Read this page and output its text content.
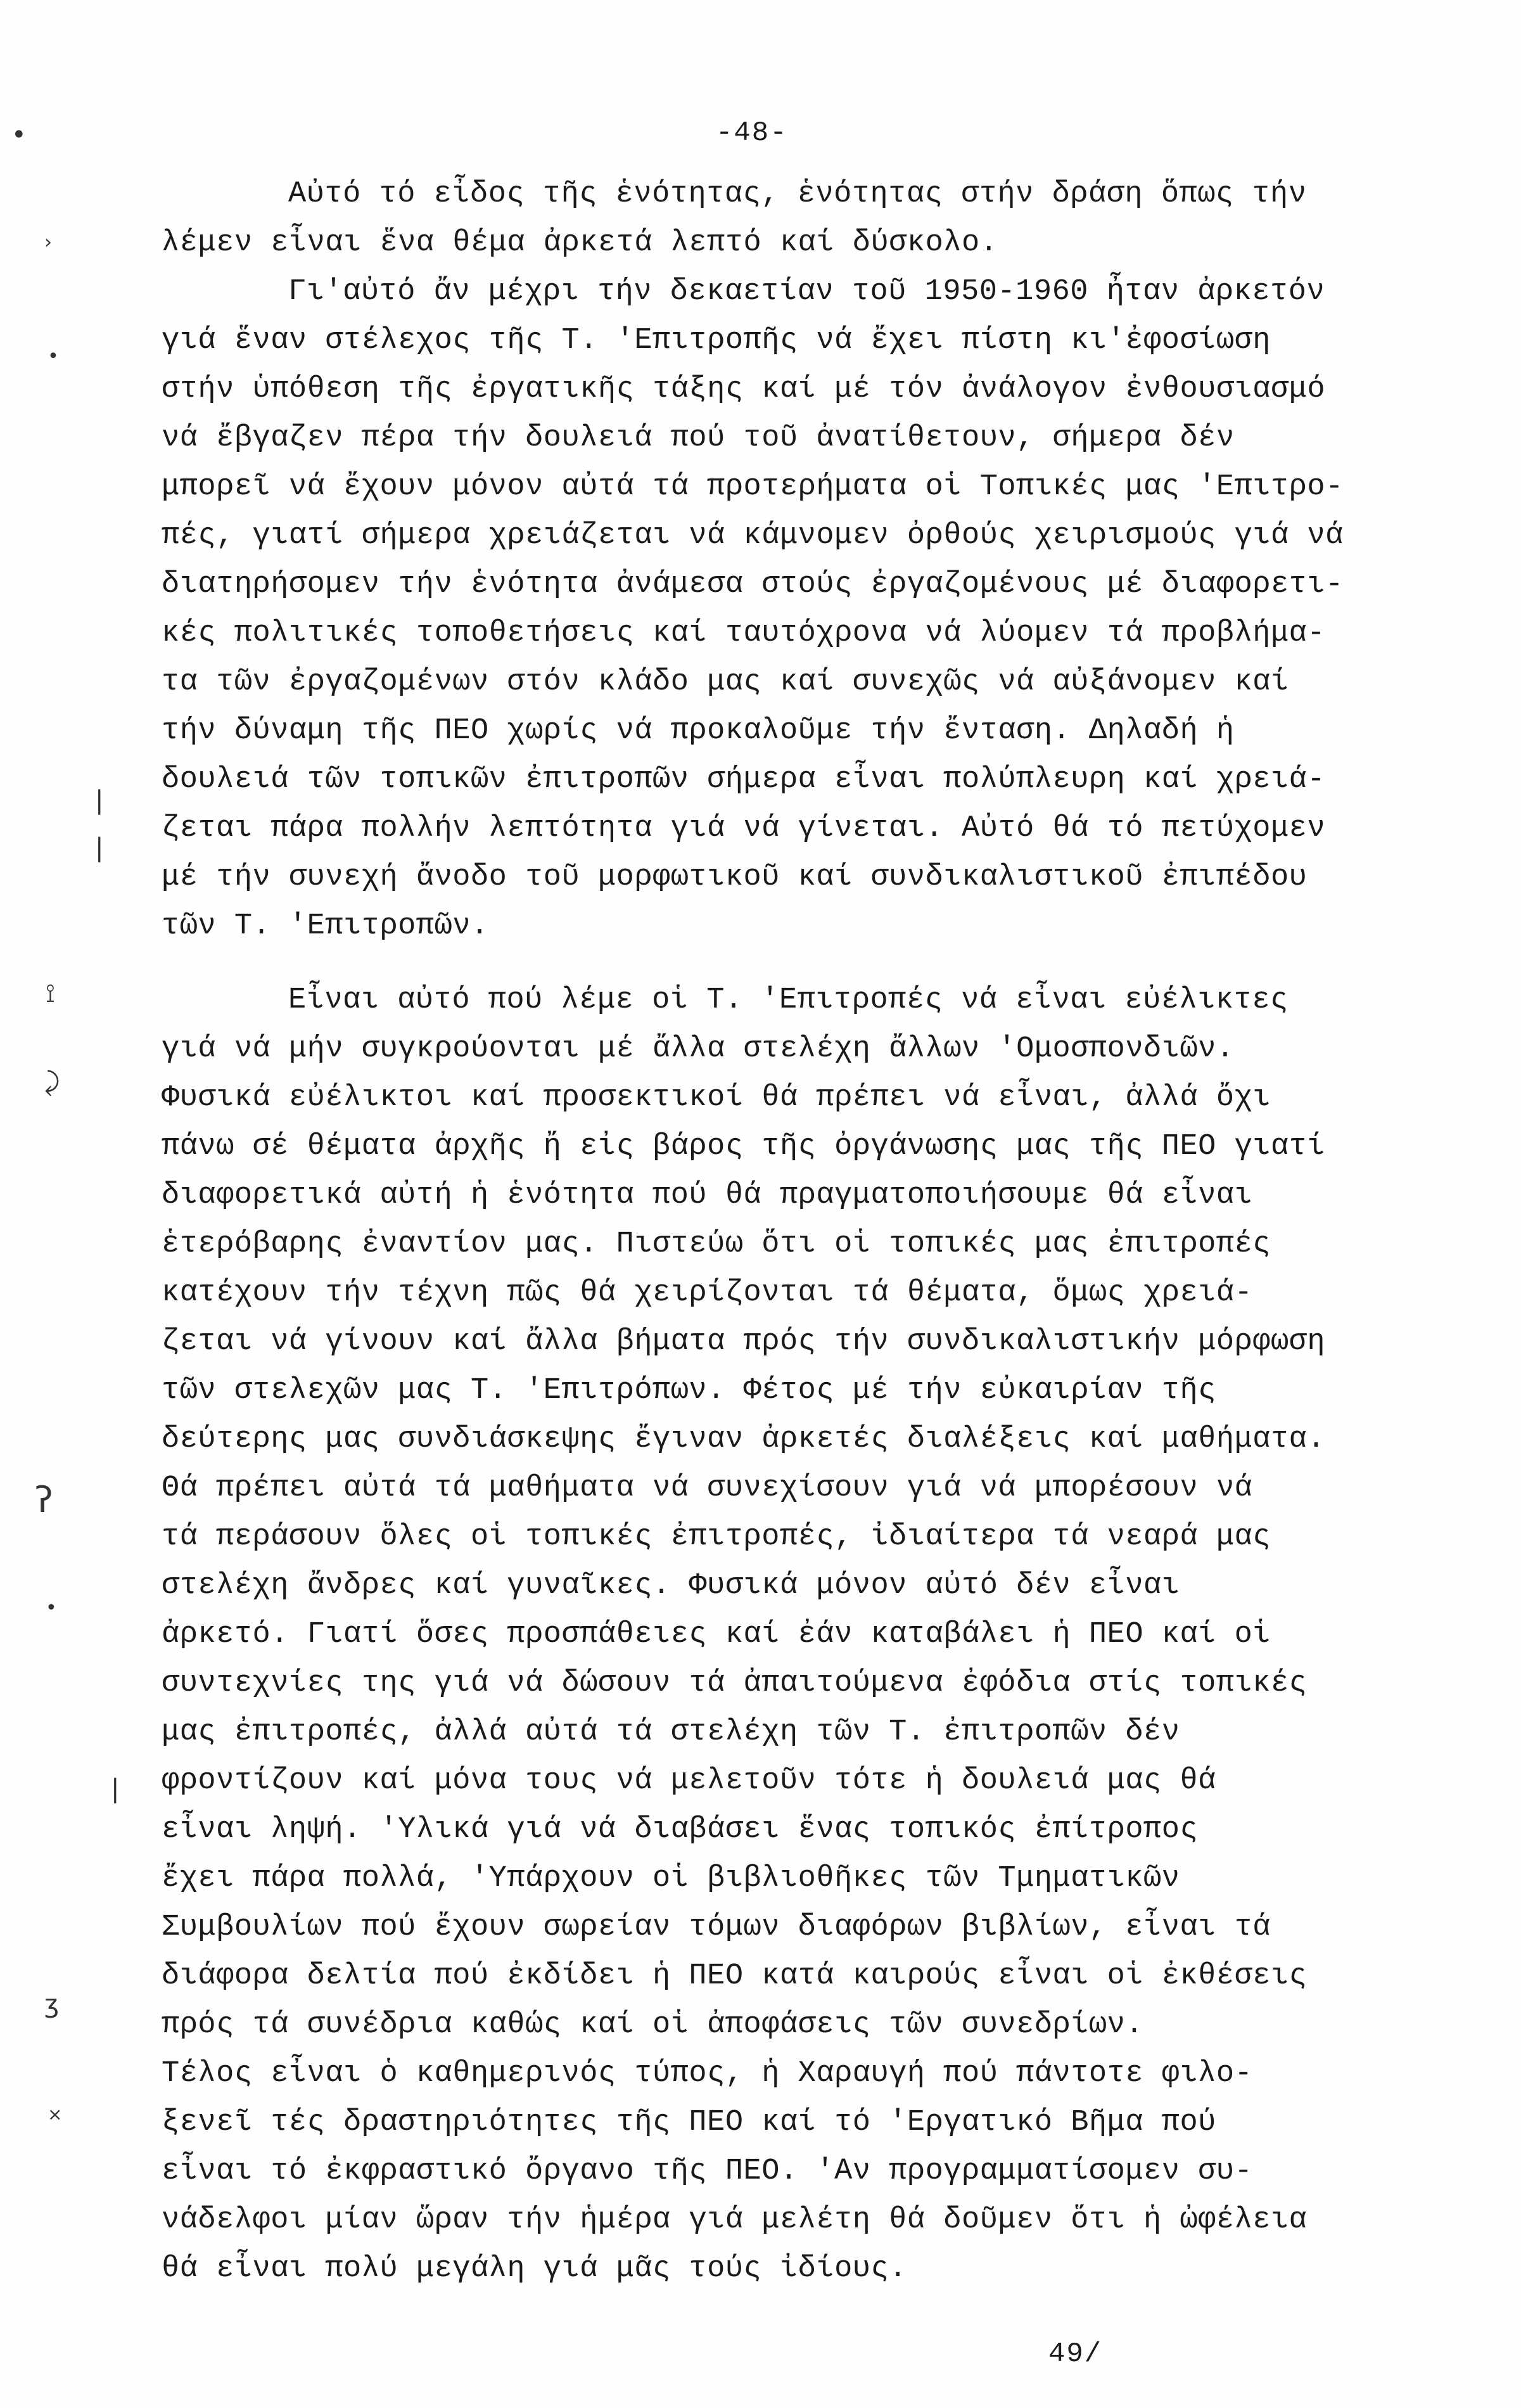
-48-
Αὐτό τό εἶδος τῆς ἑνότητας, ἑνότητας στήν δράση ὅπως τήν
λέμεν εἶναι ἕνα θέμα ἀρκετά λεπτό καί δύσκολο.
Γι'αὐτό ἄν μέχρι τήν δεκαετίαν τοῦ 1950-1960 ἦταν ἀρκετόν
γιά ἕναν στέλεχος τῆς Τ. 'Επιτροπῆς νά ἔχει πίστη κι'ἐφοσίωση
στήν ὑπόθεση τῆς ἐργατικῆς τάξης καί μέ τόν ἀνάλογον ἐνθουσιασμό
νά ἔβγαζεν πέρα τήν δουλειά πού τοῦ ἀνατίθετουν, σήμερα δέν
μπορεῖ νά ἔχουν μόνον αὐτά τά προτερήματα οἱ Τοπικές μας 'Επιτρο-
πές, γιατί σήμερα χρειάζεται νά κάμνομεν ὀρθούς χειρισμούς γιά νά
διατηρήσομεν τήν ἑνότητα ἀνάμεσα στούς ἐργαζομένους μέ διαφορετι-
κές πολιτικές τοποθετήσεις καί ταυτόχρονα νά λύομεν τά προβλήμα-
τα τῶν ἐργαζομένων στόν κλάδο μας καί συνεχῶς νά αὐξάνομεν καί
τήν δύναμη τῆς ΠΕΟ χωρίς νά προκαλοῦμε τήν ἔνταση. Δηλαδή ἡ
δουλειά τῶν τοπικῶν ἐπιτροπῶν σήμερα εἶναι πολύπλευρη καί χρειά-
ζεται πάρα πολλήν λεπτότητα γιά νά γίνεται. Αὐτό θά τό πετύχομεν
μέ τήν συνεχή ἄνοδο τοῦ μορφωτικοῦ καί συνδικαλιστικοῦ ἐπιπέδου
τῶν Τ. 'Επιτροπῶν.
Εἶναι αὐτό πού λέμε οἱ Τ. 'Επιτροπές νά εἶναι εὐέλικτες
γιά νά μήν συγκρούονται μέ ἄλλα στελέχη ἄλλων 'Ομοσπονδιῶν.
Φυσικά εὐέλικτοι καί προσεκτικοί θά πρέπει νά εἶναι, ἀλλά ὄχι
πάνω σέ θέματα ἀρχῆς ἤ εἰς βάρος τῆς ὀργάνωσης μας τῆς ΠΕΟ γιατί
διαφορετικά αὐτή ἡ ἑνότητα πού θά πραγματοποιήσουμε θά εἶναι
ἑτερόβαρης ἐναντίον μας. Πιστεύω ὅτι οἱ τοπικές μας ἐπιτροπές
κατέχουν τήν τέχνη πῶς θά χειρίζονται τά θέματα, ὅμως χρειά-
ζεται νά γίνουν καί ἄλλα βήματα πρός τήν συνδικαλιστικήν μόρφωση
τῶν στελεχῶν μας Τ. 'Επιτρόπων. Φέτος μέ τήν εὐκαιρίαν τῆς
δεύτερης μας συνδιάσκεψης ἔγιναν ἀρκετές διαλέξεις καί μαθήματα.
Θά πρέπει αὐτά τά μαθήματα νά συνεχίσουν γιά νά μπορέσουν νά
τά περάσουν ὅλες οἱ τοπικές ἐπιτροπές, ἰδιαίτερα τά νεαρά μας
στελέχη ἄνδρες καί γυναῖκες. Φυσικά μόνον αὐτό δέν εἶναι
ἀρκετό. Γιατί ὅσες προσπάθειες καί ἐάν καταβάλει ἡ ΠΕΟ καί οἱ
συντεχνίες της γιά νά δώσουν τά ἀπαιτούμενα ἐφόδια στίς τοπικές
μας ἐπιτροπές, ἀλλά αὐτά τά στελέχη τῶν Τ. ἐπιτροπῶν δέν
φροντίζουν καί μόνα τους νά μελετοῦν τότε ἡ δουλειά μας θά
εἶναι ληψή. 'Υλικά γιά νά διαβάσει ἕνας τοπικός ἐπίτροπος
ἔχει πάρα πολλά, 'Υπάρχουν οἱ βιβλιοθῆκες τῶν Τμηματικῶν
Συμβουλίων πού ἔχουν σωρείαν τόμων διαφόρων βιβλίων, εἶναι τά
διάφορα δελτία πού ἐκδίδει ἡ ΠΕΟ κατά καιρούς εἶναι οἱ ἐκθέσεις
πρός τά συνέδρια καθώς καί οἱ ἀποφάσεις τῶν συνεδρίων.
Τέλος εἶναι ὁ καθημερινός τύπος, ἡ Χαραυγή πού πάντοτε φιλο-
ξενεῖ τές δραστηριότητες τῆς ΠΕΟ καί τό 'Εργατικό Βῆμα πού
εἶναι τό ἐκφραστικό ὄργανο τῆς ΠΕΟ. 'Αν προγραμματίσομεν συ-
νάδελφοι μίαν ὥραν τήν ἡμέρα γιά μελέτη θά δοῦμεν ὅτι ἡ ὠφέλεια
θά εἶναι πολύ μεγάλη γιά μᾶς τούς ἰδίους.
49/
•
›
•
|
|
⟟
⤸
ʔ
•
|
ʒ
×
